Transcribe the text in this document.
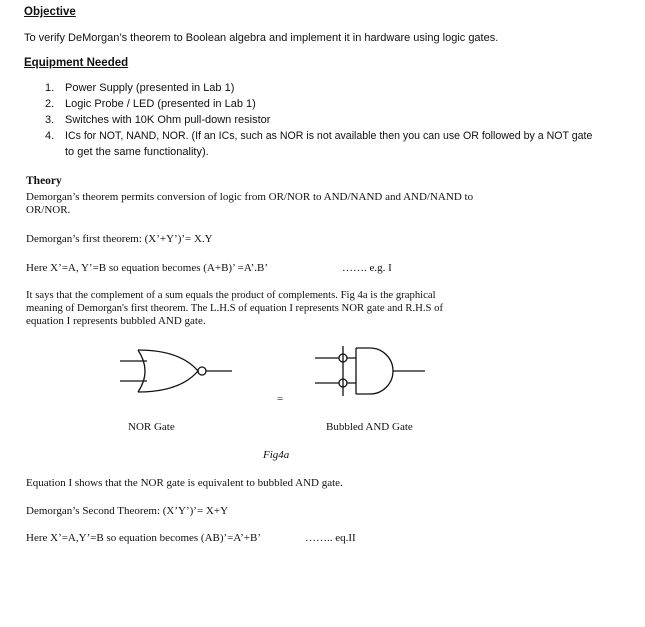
Objective
To verify DeMorgan’s theorem to Boolean algebra and implement it in hardware using logic gates.
Equipment Needed
1. Power Supply (presented in Lab 1)
2. Logic Probe / LED (presented in Lab 1)
3. Switches with 10K Ohm pull-down resistor
4. ICs for NOT, NAND, NOR. (If an ICs, such as NOR is not available then you can use OR followed by a NOT gate
to get the same functionality).
Theory
Demorgan’s theorem permits conversion of logic from OR/NOR to AND/NAND and AND/NAND to
OR/NOR.
Demorgan’s first theorem: (X’+Y’)’= X.Y
Here X’=A, Y’=B so equation becomes (A+B)’ =A’.B’	……. e.g. I
It says that the complement of a sum equals the product of complements. Fig 4a is the graphical
meaning of Demorgan's first theorem. The L.H.S of equation I represents NOR gate and R.H.S of
equation I represents bubbled AND gate.
=
NOR Gate	Bubbled AND Gate
Fig4a
Equation I shows that the NOR gate is equivalent to bubbled AND gate.
Demorgan’s Second Theorem: (X’Y’)’= X+Y
Here X’=A,Y’=B so equation becomes (AB)’=A’+B’	…….. eq.II
